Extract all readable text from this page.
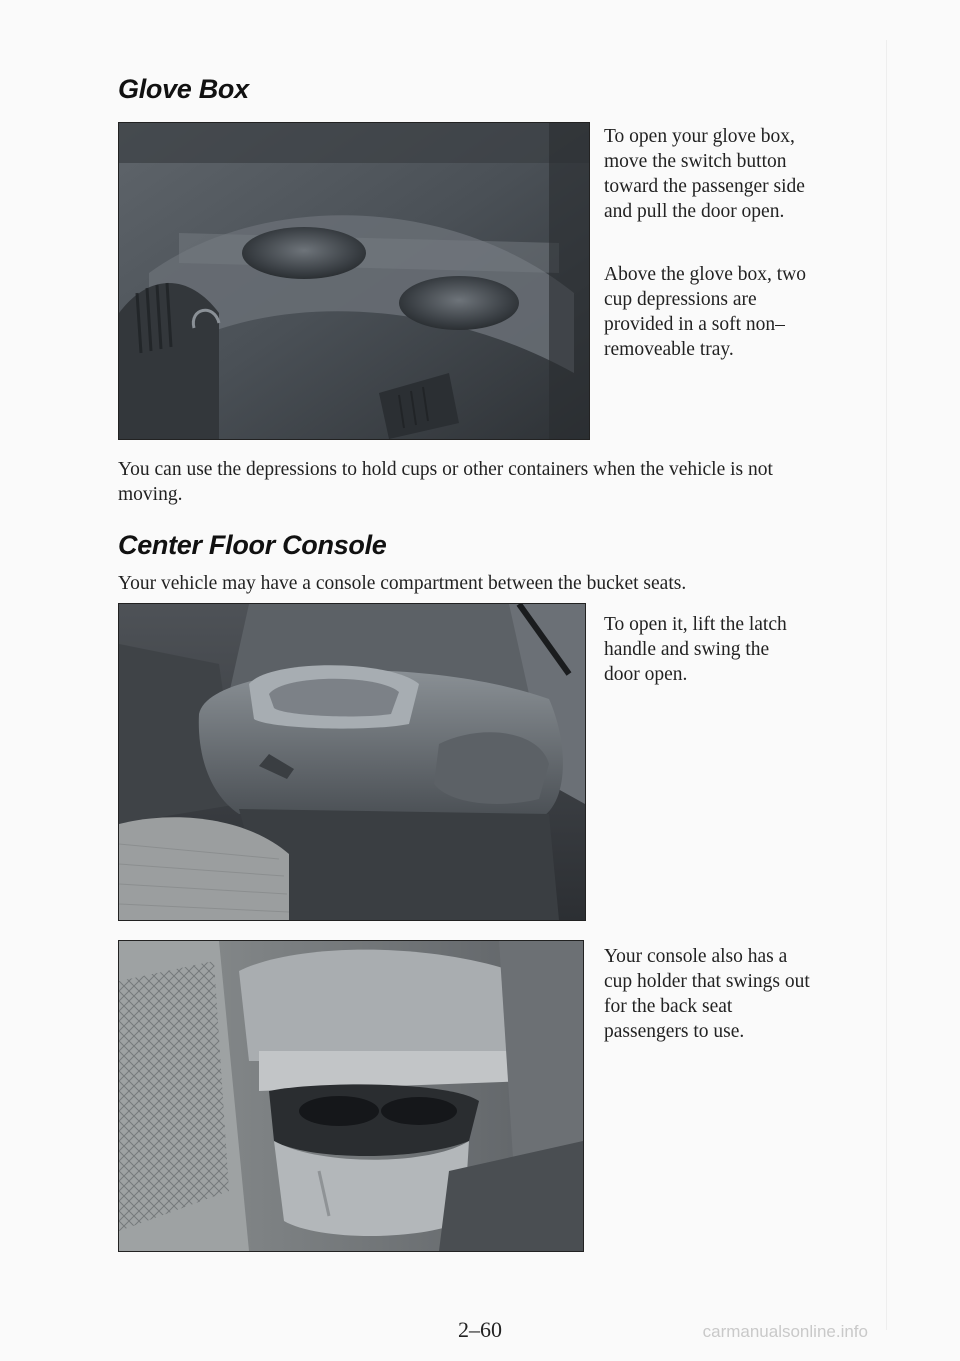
Glove Box

To open your glove box, move the switch button toward the passenger side and pull the door open.

Above the glove box, two cup depressions are provided in a soft non–removeable tray.

You can use the depressions to hold cups or other containers when the vehicle is not moving.

Center Floor Console

Your vehicle may have a console compartment between the bucket seats.

To open it, lift the latch handle and swing the door open.

Your console also has a cup holder that swings out for the back seat passengers to use.

2–60	carmanualsonline.info
